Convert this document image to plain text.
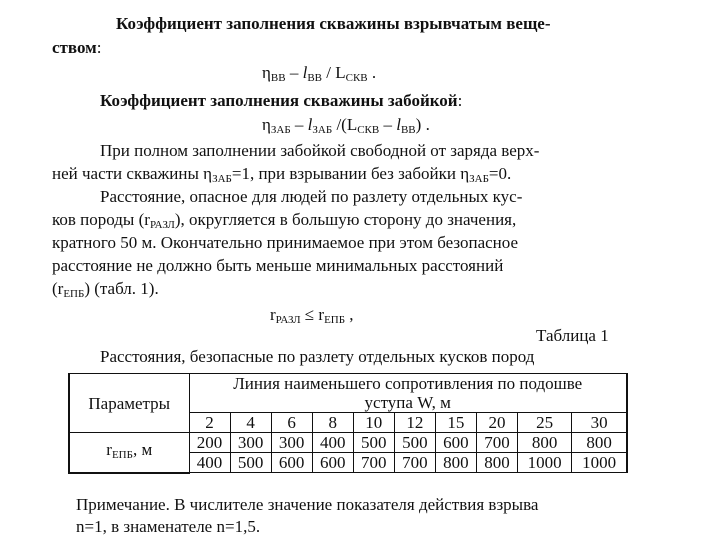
Коэффициент заполнения скважины взрывчатым веще-
ством:
$\eta_{ВВ} - l_{ВВ} / L_{СКВ}$ .
Коэффициент заполнения скважины забойкой:
$\eta_{ЗАБ} - l_{ЗАБ}$ $/(L_{СКВ} - l_{ВВ})$ .
При полном заполнении забойкой свободной от заряда верх-
ней части скважины $\eta_{ЗАБ}=1$, при взрывании без забойки $\eta_{ЗАБ}=0$.
Расстояние, опасное для людей по разлету отдельных кус-
ков породы $(r_{РАЗЛ})$, округляется в большую сторону до значения,
кратного 50 м. Окончательно принимаемое при этом безопасное
расстояние не должно быть меньше минимальных расстояний
$(r_{ЕПБ})$ (табл. 1).
$r_{РАЗЛ} \le r_{ЕПБ}$ ,
Таблица 1
Расстояния, безопасные по разлету отдельных кусков пород
Параметры	Линия наименьшего сопротивления по подошве									
	уступа W, м									
	2	4	6	8	10	12	15	20	25	30
$r_{ЕПБ}$, м	200	300	300	400	500	500	600	700	800	800
	400	500	600	600	700	700	800	800	1000	1000
Примечание. В числителе значение показателя действия взрыва
n=1, в знаменателе n=1,5.
